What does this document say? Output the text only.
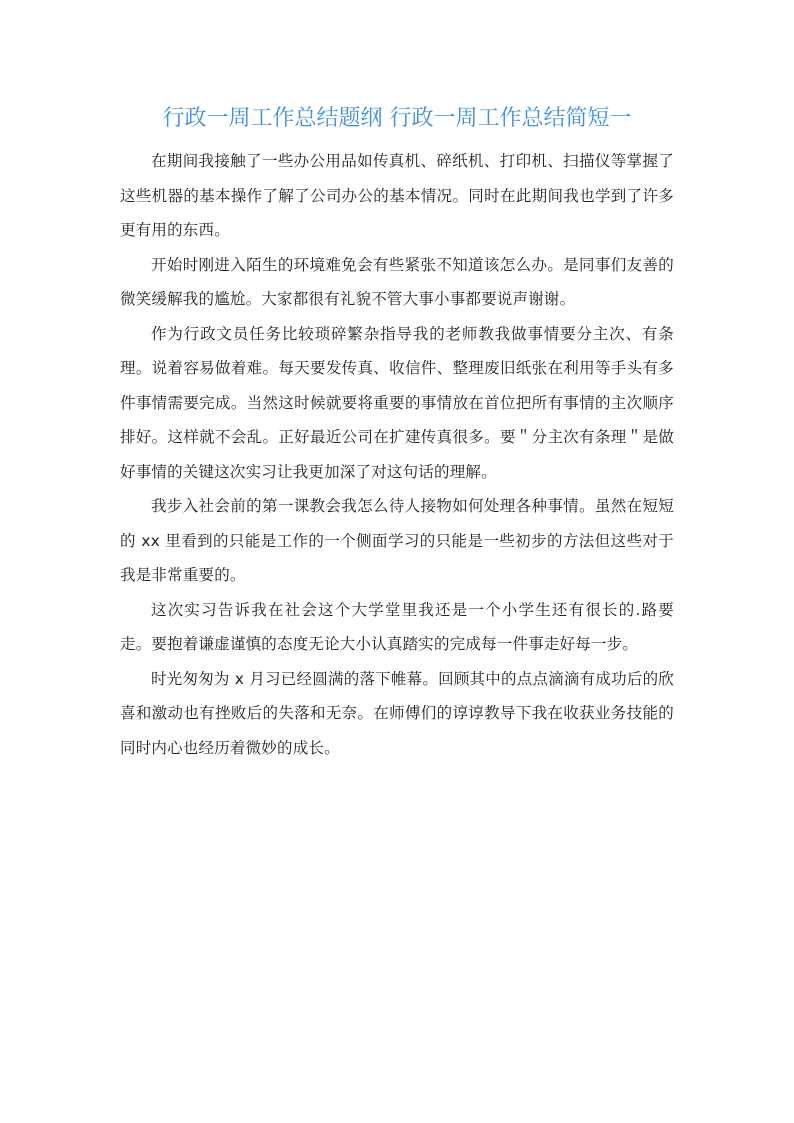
行政一周工作总结题纲 行政一周工作总结简短一

在期间我接触了一些办公用品如传真机、碎纸机、打印机、扫描仪等掌握了这些机器的基本操作了解了公司办公的基本情况。同时在此期间我也学到了许多更有用的东西。

开始时刚进入陌生的环境难免会有些紧张不知道该怎么办。是同事们友善的微笑缓解我的尴尬。大家都很有礼貌不管大事小事都要说声谢谢。

作为行政文员任务比较琐碎繁杂指导我的老师教我做事情要分主次、有条理。说着容易做着难。每天要发传真、收信件、整理废旧纸张在利用等手头有多件事情需要完成。当然这时候就要将重要的事情放在首位把所有事情的主次顺序排好。这样就不会乱。正好最近公司在扩建传真很多。要＂分主次有条理＂是做好事情的关键这次实习让我更加深了对这句话的理解。

我步入社会前的第一课教会我怎么待人接物如何处理各种事情。虽然在短短的 xx 里看到的只能是工作的一个侧面学习的只能是一些初步的方法但这些对于我是非常重要的。

这次实习告诉我在社会这个大学堂里我还是一个小学生还有很长的.路要走。要抱着谦虚谨慎的态度无论大小认真踏实的完成每一件事走好每一步。

时光匆匆为 x 月习已经圆满的落下帷幕。回顾其中的点点滴滴有成功后的欣喜和激动也有挫败后的失落和无奈。在师傅们的谆谆教导下我在收获业务技能的同时内心也经历着微妙的成长。
